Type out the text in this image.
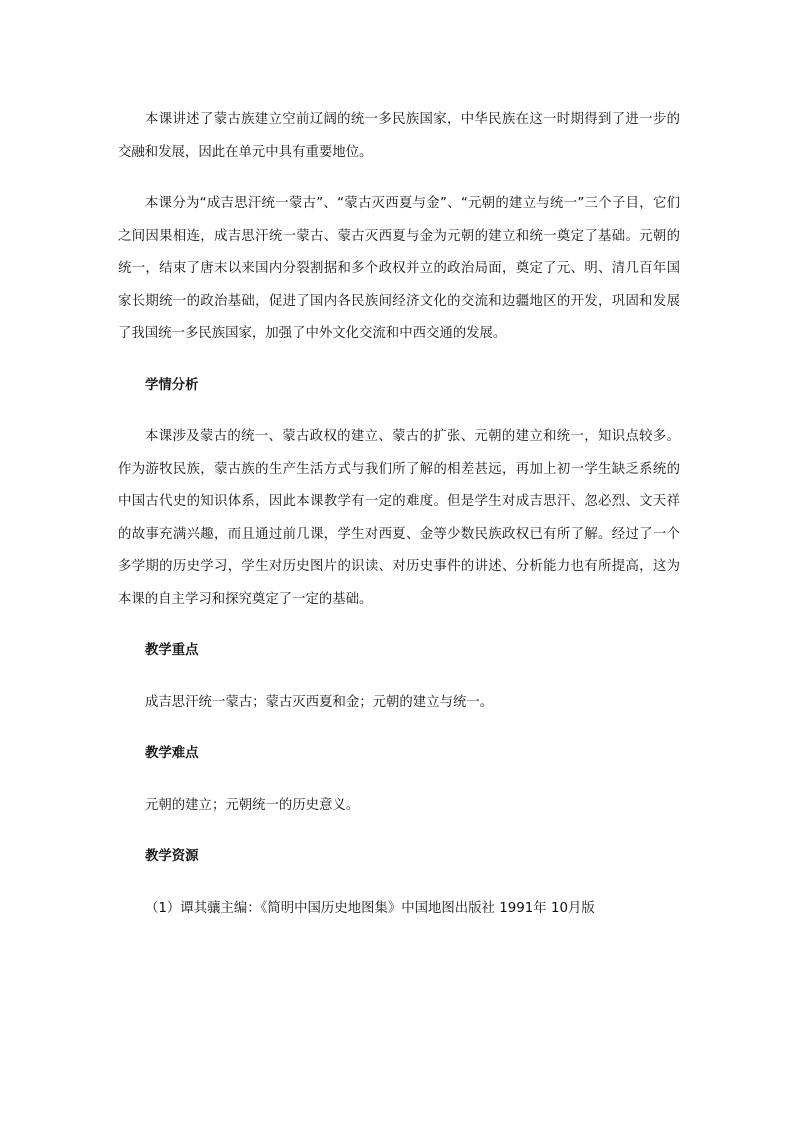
本课讲述了蒙古族建立空前辽阔的统一多民族国家，中华民族在这一时期得到了进一步的交融和发展，因此在单元中具有重要地位。

本课分为“成吉思汗统一蒙古”、“蒙古灭西夏与金”、“元朝的建立与统一”三个子目，它们之间因果相连，成吉思汗统一蒙古、蒙古灭西夏与金为元朝的建立和统一奠定了基础。元朝的统一，结束了唐末以来国内分裂割据和多个政权并立的政治局面，奠定了元、明、清几百年国家长期统一的政治基础，促进了国内各民族间经济文化的交流和边疆地区的开发，巩固和发展了我国统一多民族国家，加强了中外文化交流和中西交通的发展。

学情分析

本课涉及蒙古的统一、蒙古政权的建立、蒙古的扩张、元朝的建立和统一，知识点较多。作为游牧民族，蒙古族的生产生活方式与我们所了解的相差甚远，再加上初一学生缺乏系统的中国古代史的知识体系，因此本课教学有一定的难度。但是学生对成吉思汗、忽必烈、文天祥的故事充满兴趣，而且通过前几课，学生对西夏、金等少数民族政权已有所了解。经过了一个多学期的历史学习，学生对历史图片的识读、对历史事件的讲述、分析能力也有所提高，这为本课的自主学习和探究奠定了一定的基础。

教学重点

成吉思汗统一蒙古；蒙古灭西夏和金；元朝的建立与统一。

教学难点

元朝的建立；元朝统一的历史意义。

教学资源

（1）谭其骧主编：《简明中国历史地图集》中国地图出版社 1991年 10月版
